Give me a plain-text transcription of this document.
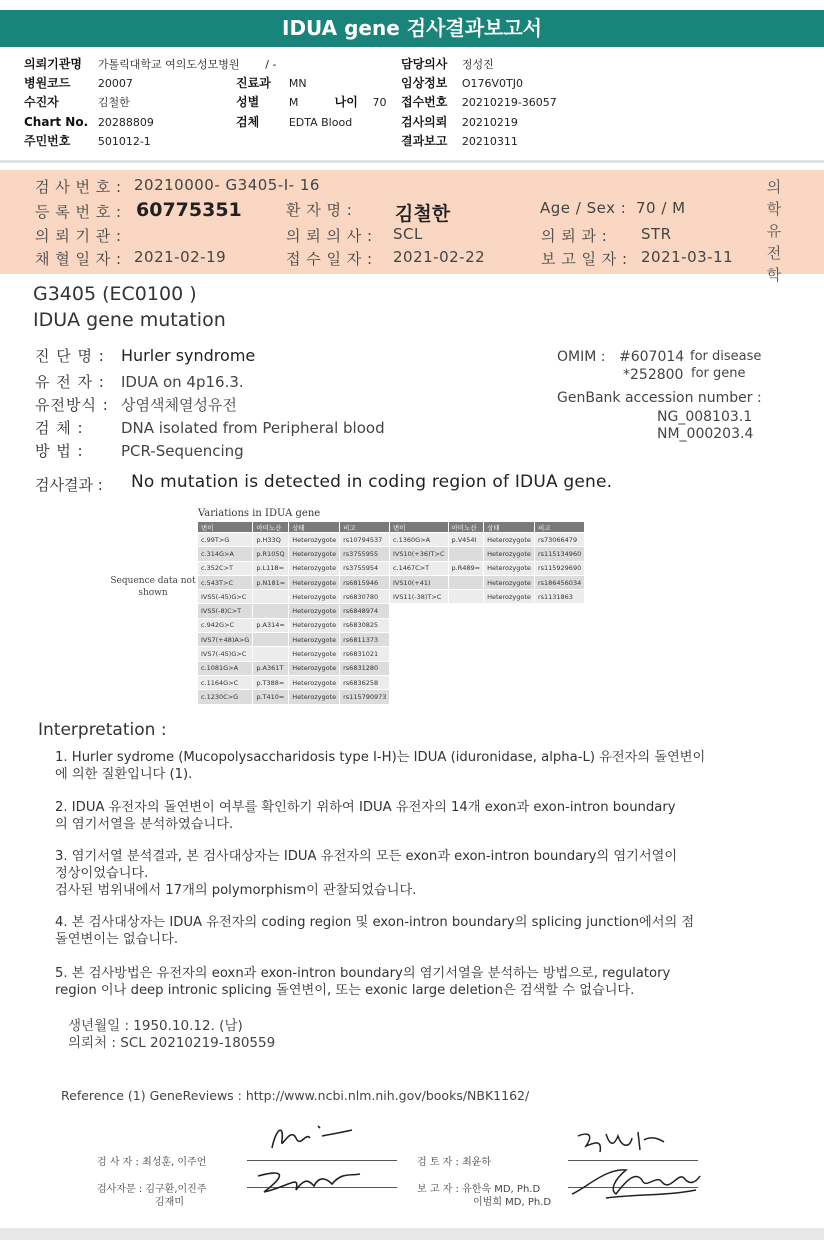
IDUA gene 검사결과보고서
의뢰기관명 가톨릭대학교 여의도성모병원 / -
병원코드 20007
수진자	김철한
Chart No. 20288809
주민번호 501012-1
진료과 MN
성별	M	나이 70
검체	EDTA Blood
담당의사 정성진
임상정보 O176V0TJ0
접수번호 20210219-36057
검사의뢰 20210219
결과보고 20210311
검 사 번 호 : 20210000- G3405-I- 16
등 록 번 호 : 60775351	환 자 명 : 김철한	Age / Sex : 70 / M
의 뢰 기 관 :	의 뢰 의 사 : SCL	의 뢰 과 : STR
채 혈 일 자 : 2021-02-19	접 수 일 자 : 2021-02-22	보 고 일 자 : 2021-03-11
의
학
유
전
학
G3405 (EC0100 )
IDUA gene mutation
진 단 명 : Hurler syndrome
유 전 자 : IDUA on 4p16.3.
유전방식 : 상염색체열성유전
검 체 : DNA isolated from Peripheral blood
방 법 : PCR-Sequencing
OMIM : #607014 for disease
*252800 for gene
GenBank accession number :
NG_008103.1
NM_000203.4
검사결과 : No mutation is detected in coding region of IDUA gene.
Variations in IDUA gene
Sequence data not shown
변이	아미노산	상태	비고
c.99T>G	p.H33Q	Heterozygote	rs10794537
c.314G>A	p.R105Q	Heterozygote	rs3755955
c.352C>T	p.L118=	Heterozygote	rs3755954
c.543T>C	p.N181=	Heterozygote	rs6815946
IVS5(-45)G>C		Heterozygote	rs6830780
IVS5(-8)C>T		Heterozygote	rs6848974
c.942G>C	p.A314=	Heterozygote	rs6830825
IVS7(+48)A>G		Heterozygote	rs6811373
IVS7(-45)G>C		Heterozygote	rs6831021
c.1081G>A	p.A361T	Heterozygote	rs6831280
c.1164G>C	p.T388=	Heterozygote	rs6836258
c.1230C>G	p.T410=	Heterozygote	rs115790973
변이	아미노산	상태	비고
c.1360G>A	p.V454I	Heterozygote	rs73066479
IVS10(+36)T>C		Heterozygote	rs115134960
c.1467C>T	p.R489=	Heterozygote	rs115929690
IVS10(+41)		Heterozygote	rs186456034
IVS11(-38)T>C		Heterozygote	rs1131863
Interpretation :
1. Hurler sydrome (Mucopolysaccharidosis type I-H)는 IDUA (iduronidase, alpha-L) 유전자의 돌연변이
에 의한 질환입니다 (1).
2. IDUA 유전자의 돌연변이 여부를 확인하기 위하여 IDUA 유전자의 14개 exon과 exon-intron boundary
의 염기서열을 분석하였습니다.
3. 염기서열 분석결과, 본 검사대상자는 IDUA 유전자의 모든 exon과 exon-intron boundary의 염기서열이
정상이었습니다.
검사된 범위내에서 17개의 polymorphism이 관찰되었습니다.
4. 본 검사대상자는 IDUA 유전자의 coding region 및 exon-intron boundary의 splicing junction에서의 점
돌연변이는 없습니다.
5. 본 검사방법은 유전자의 eoxn과 exon-intron boundary의 염기서열을 분석하는 방법으로, regulatory
region 이나 deep intronic splicing 돌연변이, 또는 exonic large deletion은 검색할 수 없습니다.
생년월일 : 1950.10.12. (남)
의뢰처 : SCL 20210219-180559
Reference (1) GeneReviews : http://www.ncbi.nlm.nih.gov/books/NBK1162/
검 사 자 : 최성훈, 이주언
검사자문 : 김구환,이진주
김재미
검 토 자 : 최윤하
보 고 자 : 유한욱 MD, Ph.D
이범희 MD, Ph.D
